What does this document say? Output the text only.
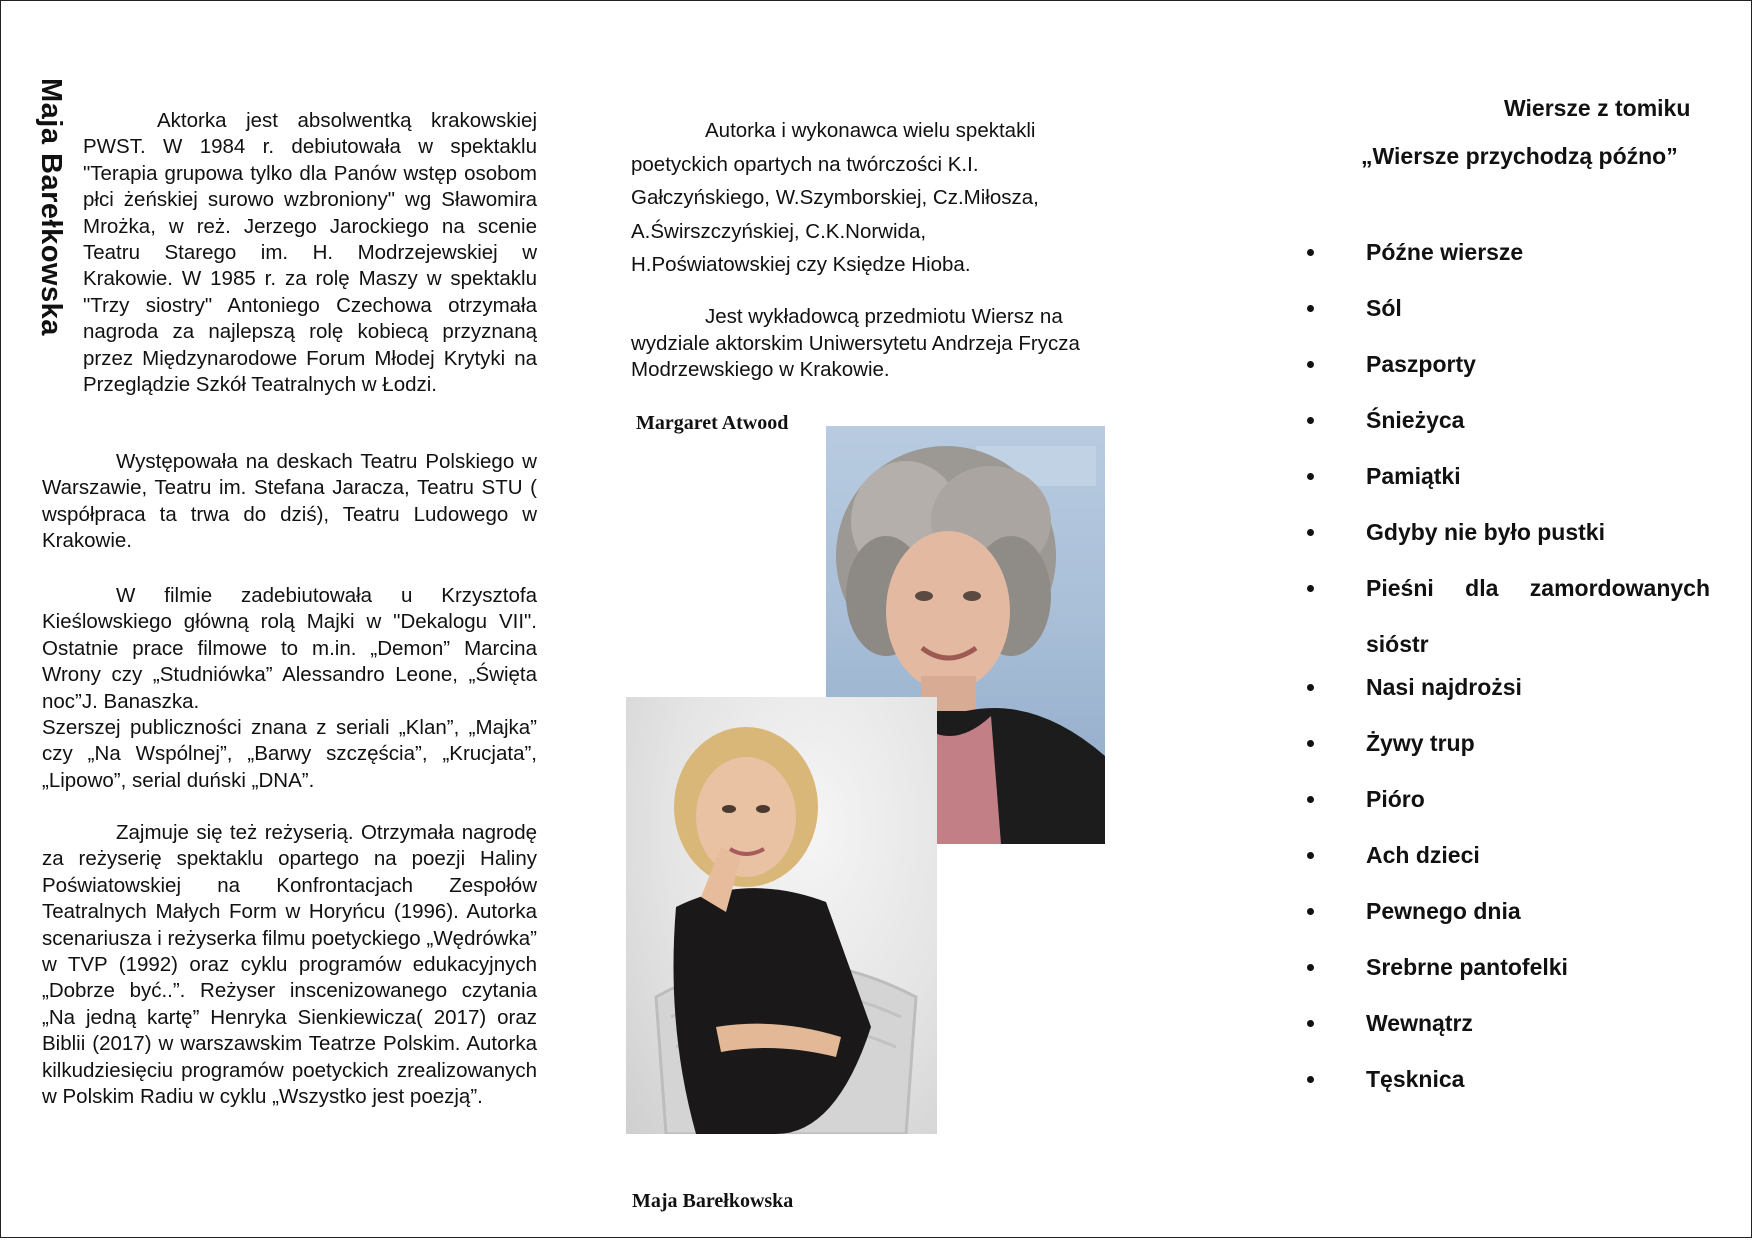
Maja Barełkowska	Aktorka jest absolwentką krakowskiej PWST. W 1984 r. debiutowała w spektaklu "Terapia grupowa tylko dla Panów wstęp osobom płci żeńskiej surowo wzbroniony" wg Sławomira Mrożka, w reż. Jerzego Jarockiego na scenie Teatru Starego im. H. Modrzejewskiej w Krakowie. W 1985 r. za rolę Maszy w spektaklu "Trzy siostry" Antoniego Czechowa otrzymała nagroda za najlepszą rolę kobiecą przyznaną przez Międzynarodowe Forum Młodej Krytyki na Przeglądzie Szkół Teatralnych w Łodzi.

Występowała na deskach Teatru Polskiego w Warszawie, Teatru im. Stefana Jaracza, Teatru STU ( współpraca ta trwa do dziś), Teatru Ludowego w Krakowie.

W filmie zadebiutowała u Krzysztofa Kieślowskiego główną rolą Majki w "Dekalogu VII". Ostatnie prace filmowe to m.in. „Demon” Marcina Wrony czy „Studniówka” Alessandro Leone, „Święta noc”J. Banaszka.

Szerszej publiczności znana z seriali „Klan”, „Majka” czy „Na Wspólnej”, „Barwy szczęścia”, „Krucjata”, „Lipowo”, serial duński „DNA”.

Zajmuje się też reżyserią. Otrzymała nagrodę za reżyserię spektaklu opartego na poezji Haliny Poświatowskiej na Konfrontacjach Zespołów Teatralnych Małych Form w Horyńcu (1996). Autorka scenariusza i reżyserka filmu poetyckiego „Wędrówka” w TVP (1992) oraz cyklu programów edukacyjnych „Dobrze być..”. Reżyser inscenizowanego czytania „Na jedną kartę” Henryka Sienkiewicza( 2017) oraz Biblii (2017) w warszawskim Teatrze Polskim. Autorka kilkudziesięciu programów poetyckich zrealizowanych w Polskim Radiu w cyklu „Wszystko jest poezją”.

Autorka i wykonawca wielu spektakli poetyckich opartych na twórczości K.I. Gałczyńskiego, W.Szymborskiej, Cz.Miłosza, A.Świrszczyńskiej, C.K.Norwida, H.Poświatowskiej czy Księdze Hioba.

Jest wykładowcą przedmiotu Wiersz na wydziale aktorskim Uniwersytetu Andrzeja Frycza Modrzewskiego w Krakowie.

Margaret Atwood
Maja Barełkowska
Wiersze z tomiku
„Wiersze przychodzą późno”
Późne wiersze
Sól
Paszporty
Śnieżyca
Pamiątki
Gdyby nie było pustki
Pieśni dla zamordowanych sióstr
Nasi najdrożsi
Żywy trup
Pióro
Ach dzieci
Pewnego dnia
Srebrne pantofelki
Wewnątrz
Tęsknica
